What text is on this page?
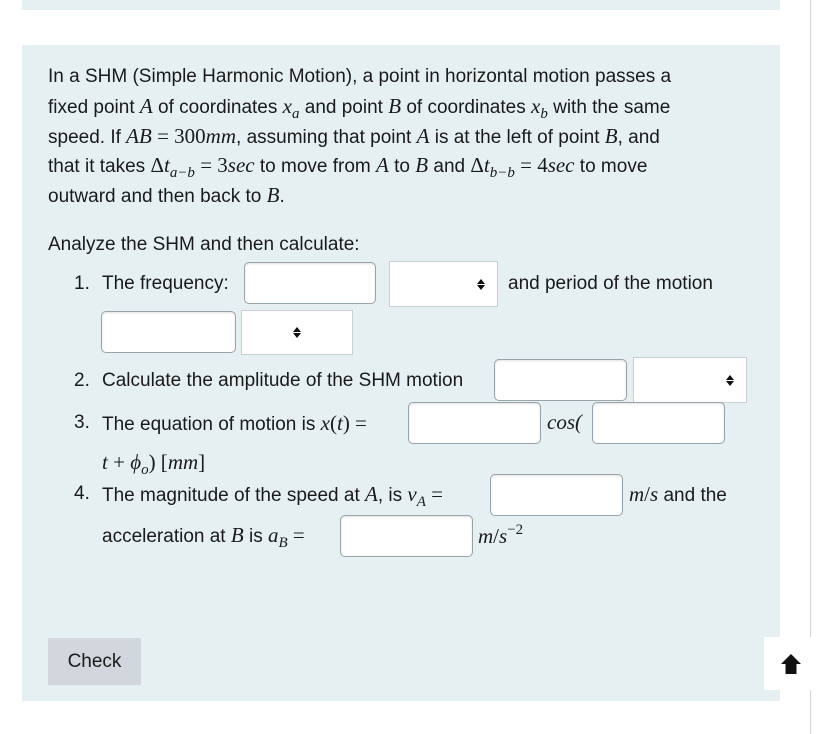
In a SHM (Simple Harmonic Motion), a point in horizontal motion passes a
fixed point A of coordinates $x_a$ and point B of coordinates $x_b$ with the same
speed. If AB = 300mm, assuming that point A is at the left of point B, and
that it takes $\Delta t_{a-b} = 3\sec$ to move from A to B and $\Delta t_{b-b} = 4\sec$ to move
outward and then back to B.
Analyze the SHM and then calculate:
1. The frequency:	and period of the motion
2. Calculate the amplitude of the SHM motion
3. The equation of motion is x(t) =	cos(
$t + \phi_o$) [mm]
4. The magnitude of the speed at A, is $v_A$ =	m/s and the
acceleration at B is $a_B$ =	$m/s^{-2}$
Check
